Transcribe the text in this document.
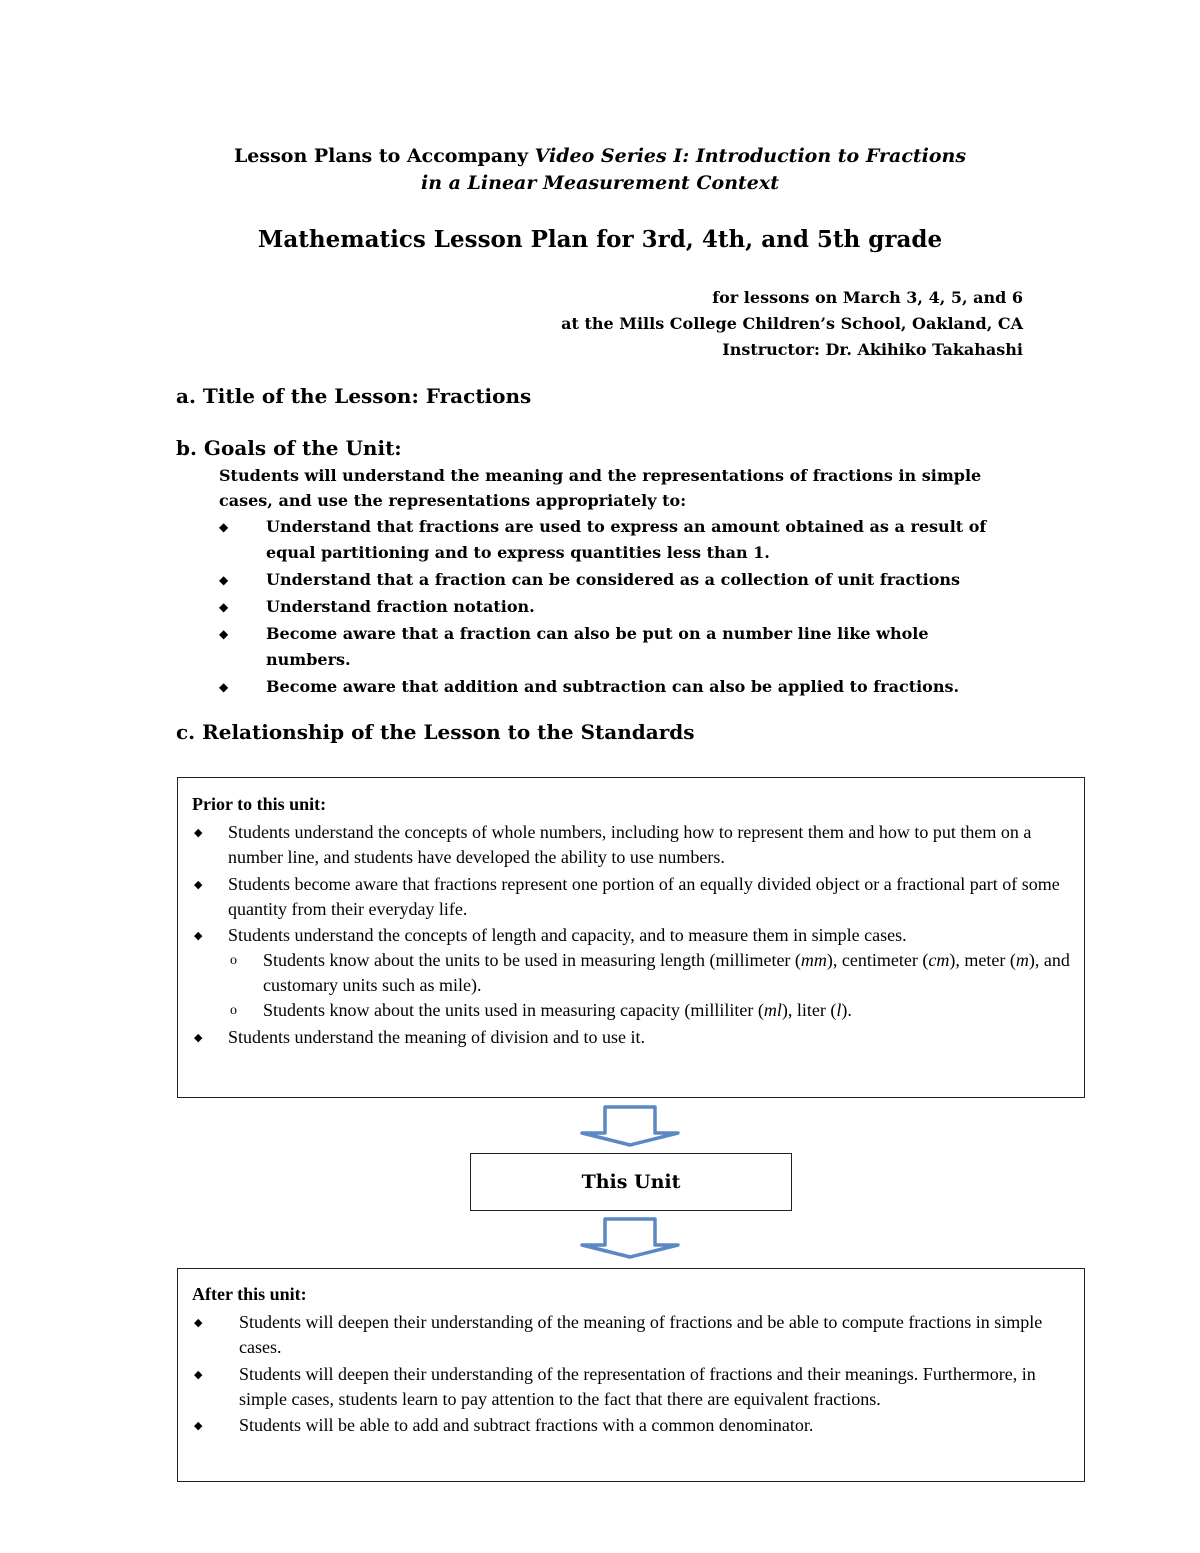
Lesson Plans to Accompany Video Series I: Introduction to Fractions
in a Linear Measurement Context
Mathematics Lesson Plan for 3rd, 4th, and 5th grade
for lessons on March 3, 4, 5, and 6
at the Mills College Children’s School, Oakland, CA
Instructor: Dr. Akihiko Takahashi
a. Title of the Lesson: Fractions
b. Goals of the Unit:
Students will understand the meaning and the representations of fractions in simple cases, and use the representations appropriately to:
◆ Understand that fractions are used to express an amount obtained as a result of equal partitioning and to express quantities less than 1.
◆ Understand that a fraction can be considered as a collection of unit fractions
◆ Understand fraction notation.
◆ Become aware that a fraction can also be put on a number line like whole numbers.
◆ Become aware that addition and subtraction can also be applied to fractions.
c. Relationship of the Lesson to the Standards
Prior to this unit:
◆ Students understand the concepts of whole numbers, including how to represent them and how to put them on a number line, and students have developed the ability to use numbers.
◆ Students become aware that fractions represent one portion of an equally divided object or a fractional part of some quantity from their everyday life.
◆ Students understand the concepts of length and capacity, and to measure them in simple cases.
o Students know about the units to be used in measuring length (millimeter (mm), centimeter (cm), meter (m), and customary units such as mile).
o Students know about the units used in measuring capacity (milliliter (ml), liter (l).
◆ Students understand the meaning of division and to use it.
This Unit
After this unit:
◆ Students will deepen their understanding of the meaning of fractions and be able to compute fractions in simple cases.
◆ Students will deepen their understanding of the representation of fractions and their meanings. Furthermore, in simple cases, students learn to pay attention to the fact that there are equivalent fractions.
◆ Students will be able to add and subtract fractions with a common denominator.
